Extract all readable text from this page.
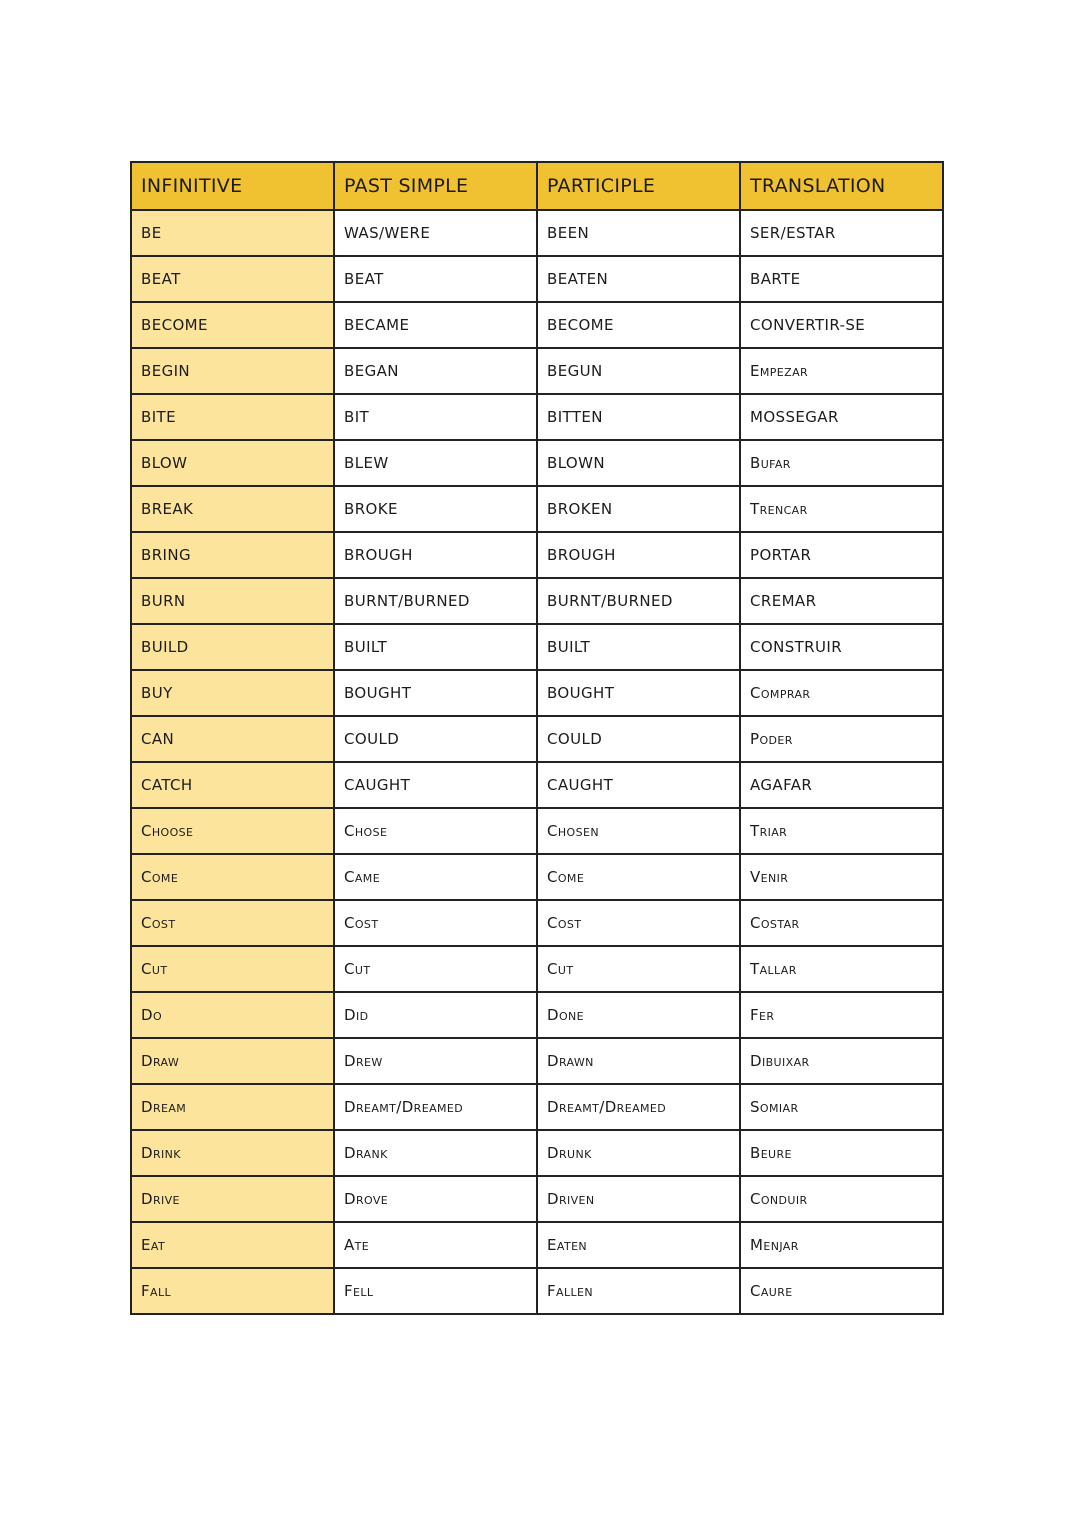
INFINITIVE	PAST SIMPLE	PARTICIPLE	TRANSLATION
BE	WAS/WERE	BEEN	SER/ESTAR
BEAT	BEAT	BEATEN	BARTE
BECOME	BECAME	BECOME	CONVERTIR-SE
BEGIN	BEGAN	BEGUN	Empezar
BITE	BIT	BITTEN	MOSSEGAR
BLOW	BLEW	BLOWN	Bufar
BREAK	BROKE	BROKEN	Trencar
BRING	BROUGH	BROUGH	PORTAR
BURN	BURNT/BURNED	BURNT/BURNED	CREMAR
BUILD	BUILT	BUILT	CONSTRUIR
BUY	BOUGHT	BOUGHT	Comprar
CAN	COULD	COULD	Poder
CATCH	CAUGHT	CAUGHT	AGAFAR
Choose	Chose	Chosen	Triar
Come	Came	Come	Venir
Cost	Cost	Cost	Costar
Cut	Cut	Cut	Tallar
Do	Did	Done	Fer
Draw	Drew	Drawn	Dibuixar
Dream	Dreamt/Dreamed	Dreamt/Dreamed	Somiar
Drink	Drank	Drunk	Beure
Drive	Drove	Driven	Conduir
Eat	Ate	Eaten	Menjar
Fall	Fell	Fallen	Caure
